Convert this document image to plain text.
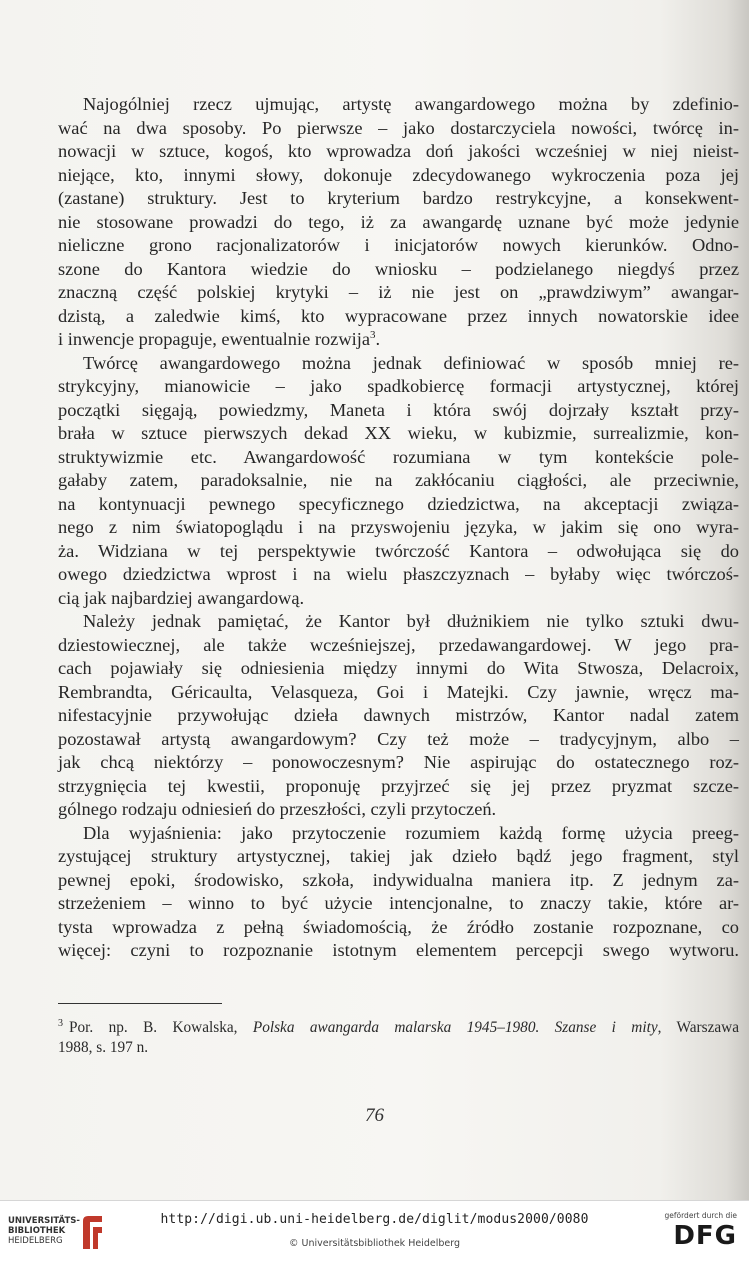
Najogólniej rzecz ujmując, artystę awangardowego można by zdefinio-
wać na dwa sposoby. Po pierwsze – jako dostarczyciela nowości, twórcę in-
nowacji w sztuce, kogoś, kto wprowadza doń jakości wcześniej w niej nieist-
niejące, kto, innymi słowy, dokonuje zdecydowanego wykroczenia poza jej
(zastane) struktury. Jest to kryterium bardzo restrykcyjne, a konsekwent-
nie stosowane prowadzi do tego, iż za awangardę uznane być może jedynie
nieliczne grono racjonalizatorów i inicjatorów nowych kierunków. Odno-
szone do Kantora wiedzie do wniosku – podzielanego niegdyś przez
znaczną część polskiej krytyki – iż nie jest on „prawdziwym” awangar-
dzistą, a zaledwie kimś, kto wypracowane przez innych nowatorskie idee
i inwencje propaguje, ewentualnie rozwija$^3$.
Twórcę awangardowego można jednak definiować w sposób mniej re-
strykcyjny, mianowicie – jako spadkobiercę formacji artystycznej, której
początki sięgają, powiedzmy, Maneta i która swój dojrzały kształt przy-
brała w sztuce pierwszych dekad XX wieku, w kubizmie, surrealizmie, kon-
struktywizmie etc. Awangardowość rozumiana w tym kontekście pole-
gałaby zatem, paradoksalnie, nie na zakłócaniu ciągłości, ale przeciwnie,
na kontynuacji pewnego specyficznego dziedzictwa, na akceptacji związa-
nego z nim światopoglądu i na przyswojeniu języka, w jakim się ono wyra-
ża. Widziana w tej perspektywie twórczość Kantora – odwołująca się do
owego dziedzictwa wprost i na wielu płaszczyznach – byłaby więc twórczoś-
cią jak najbardziej awangardową.
Należy jednak pamiętać, że Kantor był dłużnikiem nie tylko sztuki dwu-
dziestowiecznej, ale także wcześniejszej, przedawangardowej. W jego pra-
cach pojawiały się odniesienia między innymi do Wita Stwosza, Delacroix,
Rembrandta, Géricaulta, Velasqueza, Goi i Matejki. Czy jawnie, wręcz ma-
nifestacyjnie przywołując dzieła dawnych mistrzów, Kantor nadal zatem
pozostawał artystą awangardowym? Czy też może – tradycyjnym, albo –
jak chcą niektórzy – ponowoczesnym? Nie aspirując do ostatecznego roz-
strzygnięcia tej kwestii, proponuję przyjrzeć się jej przez pryzmat szcze-
gólnego rodzaju odniesień do przeszłości, czyli przytoczeń.
Dla wyjaśnienia: jako przytoczenie rozumiem każdą formę użycia preeg-
zystującej struktury artystycznej, takiej jak dzieło bądź jego fragment, styl
pewnej epoki, środowisko, szkoła, indywidualna maniera itp. Z jednym za-
strzeżeniem – winno to być użycie intencjonalne, to znaczy takie, które ar-
tysta wprowadza z pełną świadomością, że źródło zostanie rozpoznane, co
więcej: czyni to rozpoznanie istotnym elementem percepcji swego wytworu.
$^3$ Por. np. B. Kowalska, Polska awangarda malarska 1945–1980. Szanse i mity, Warszawa
1988, s. 197 n.
76
UNIVERSITÄTS-
BIBLIOTHEK
HEIDELBERG
http://digi.ub.uni-heidelberg.de/diglit/modus2000/0080
© Universitätsbibliothek Heidelberg
gefördert durch die
DFG
